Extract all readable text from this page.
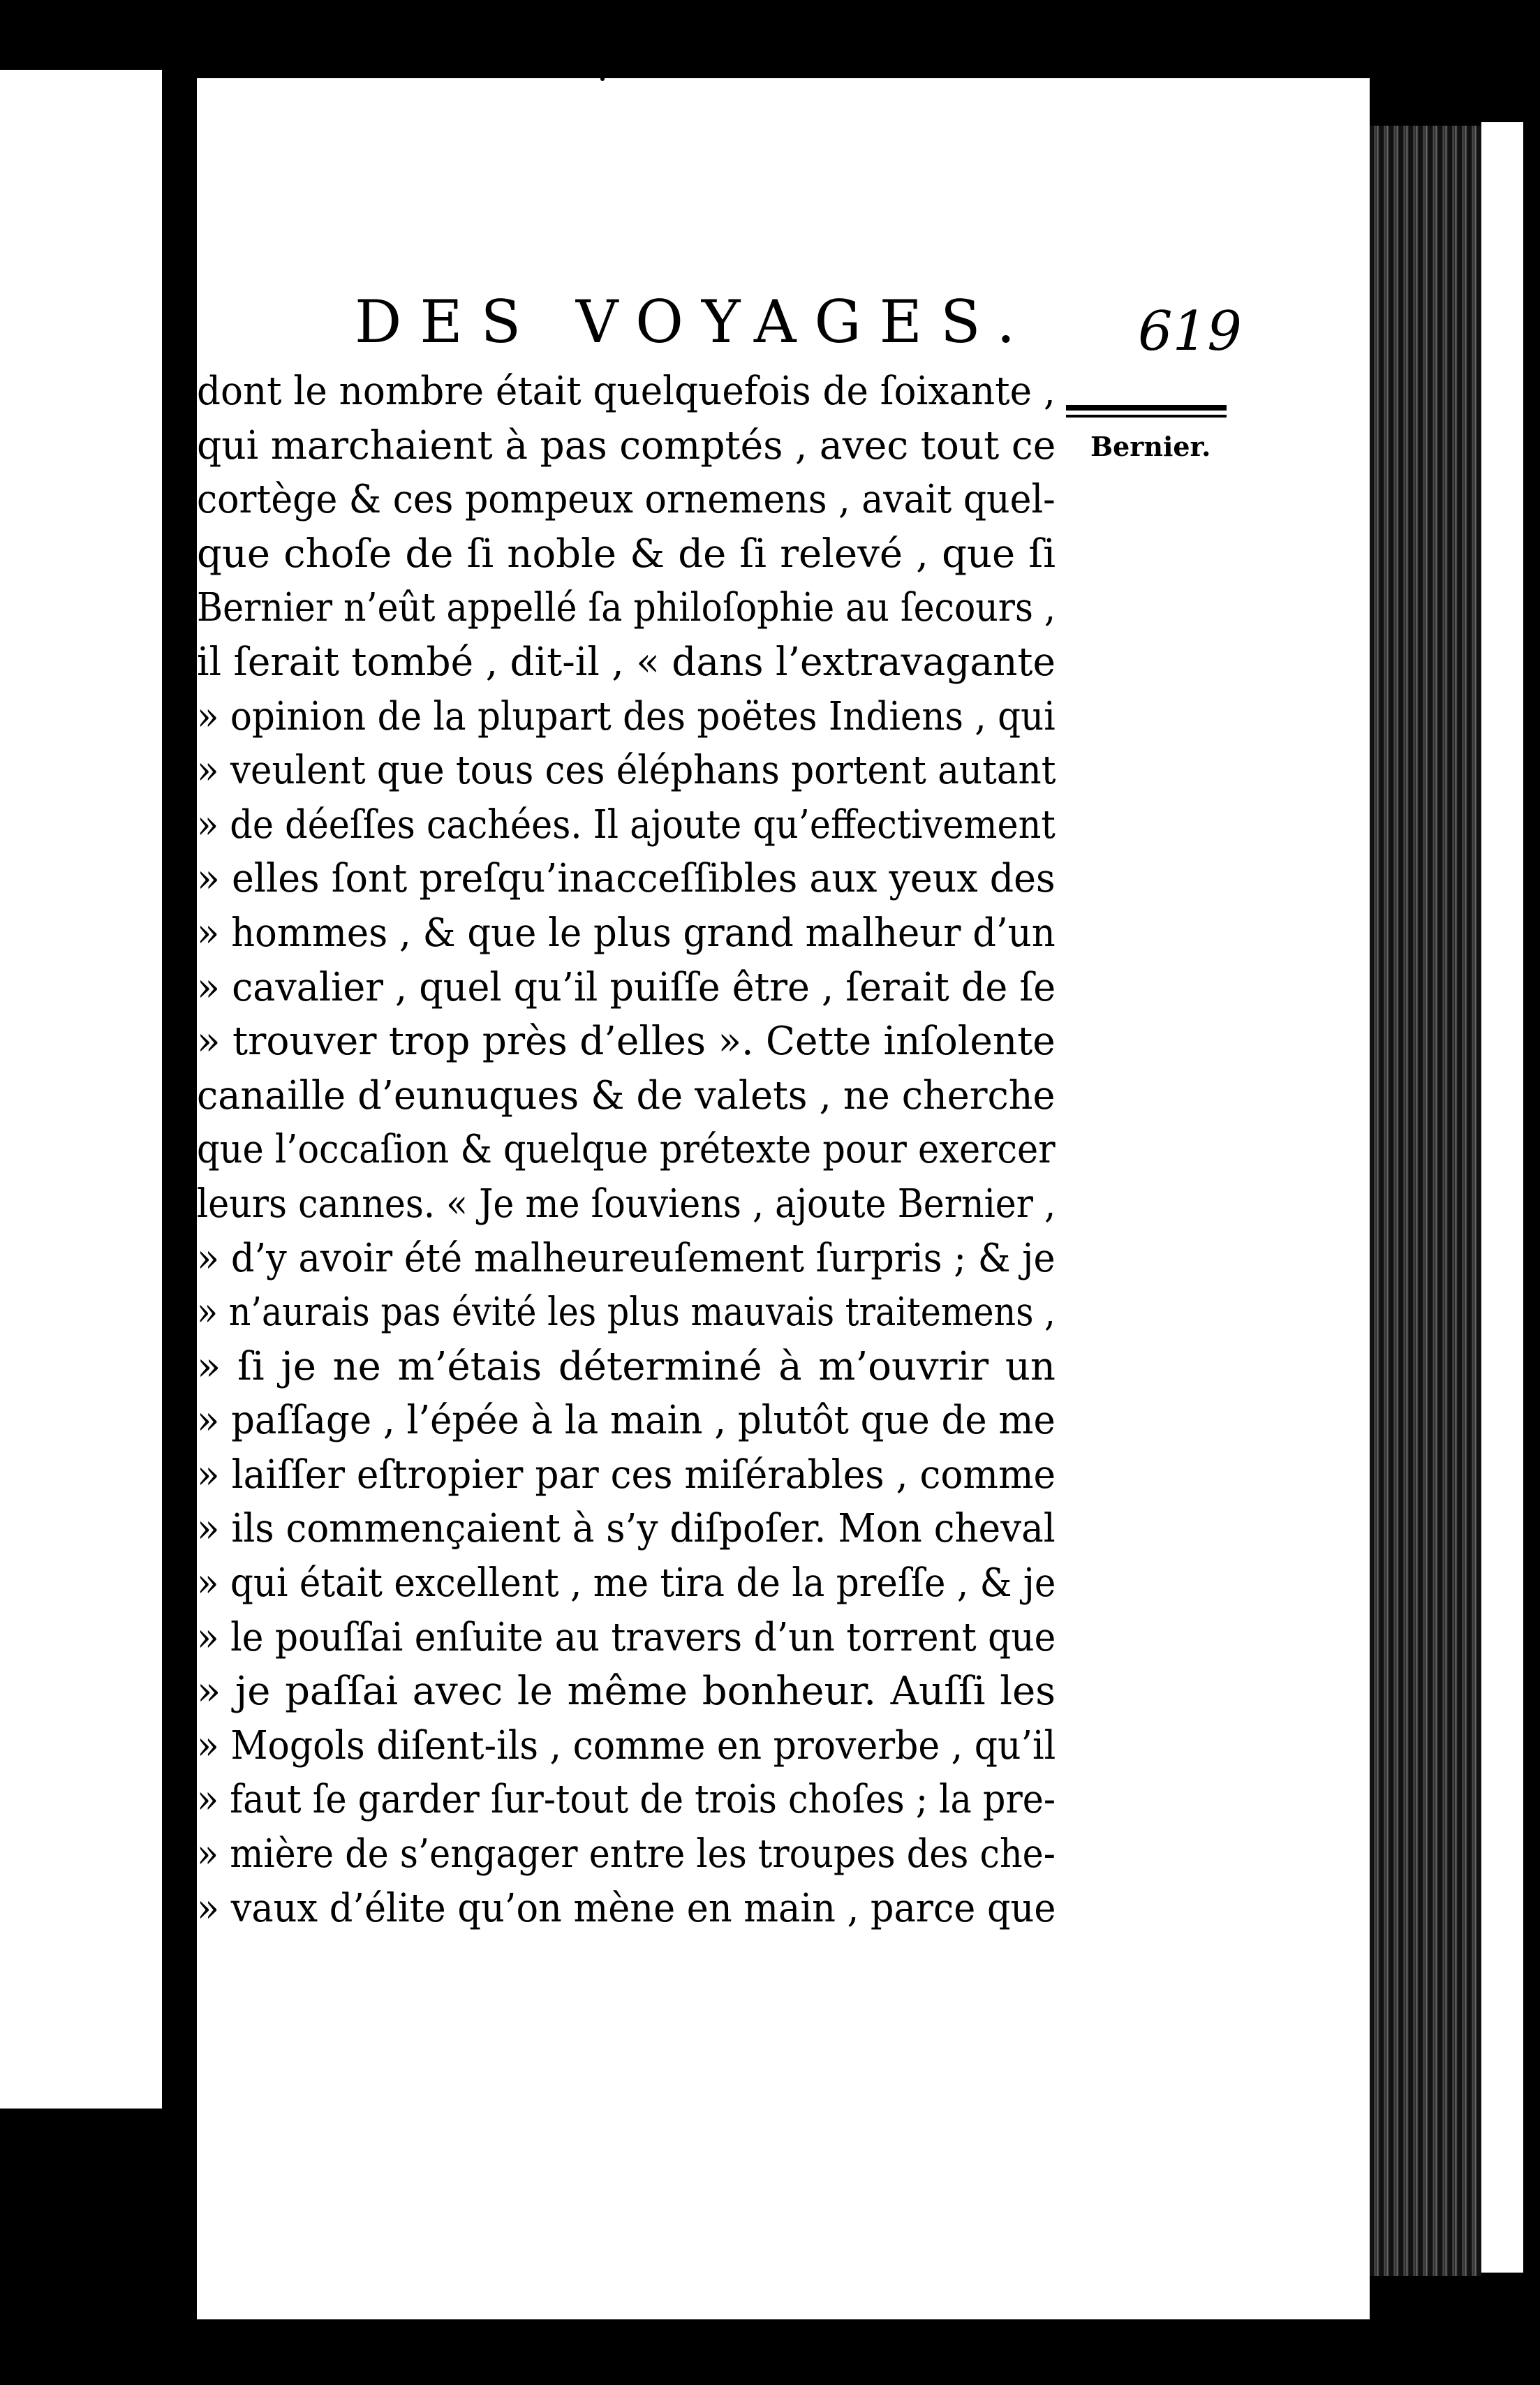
DES VOYAGES. 619
Bernier.
dont le nombre était quelquefois de ſoixante ,
qui marchaient à pas comptés , avec tout ce
cortège & ces pompeux ornemens , avait quel-
que choſe de ſi noble & de ſi relevé , que ſi
Bernier n’eût appellé ſa philoſophie au ſecours ,
il ſerait tombé , dit-il , « dans l’extravagante
» opinion de la plupart des poëtes Indiens , qui
» veulent que tous ces éléphans portent autant
» de déeſſes cachées. Il ajoute qu’effectivement
» elles ſont preſqu’inacceſſibles aux yeux des
» hommes , & que le plus grand malheur d’un
» cavalier , quel qu’il puiſſe être , ſerait de ſe
» trouver trop près d’elles ». Cette inſolente
canaille d’eunuques & de valets , ne cherche
que l’occaſion & quelque prétexte pour exercer
leurs cannes. « Je me ſouviens , ajoute Bernier ,
» d’y avoir été malheureuſement ſurpris ; & je
» n’aurais pas évité les plus mauvais traitemens ,
» ſi je ne m’étais déterminé à m’ouvrir un
» paſſage , l’épée à la main , plutôt que de me
» laiſſer eſtropier par ces miſérables , comme
» ils commençaient à s’y diſpoſer. Mon cheval
» qui était excellent , me tira de la preſſe , & je
» le pouſſai enſuite au travers d’un torrent que
» je paſſai avec le même bonheur. Auſſi les
» Mogols diſent-ils , comme en proverbe , qu’il
» faut ſe garder ſur-tout de trois choſes ; la pre-
» mière de s’engager entre les troupes des che-
» vaux d’élite qu’on mène en main , parce que
